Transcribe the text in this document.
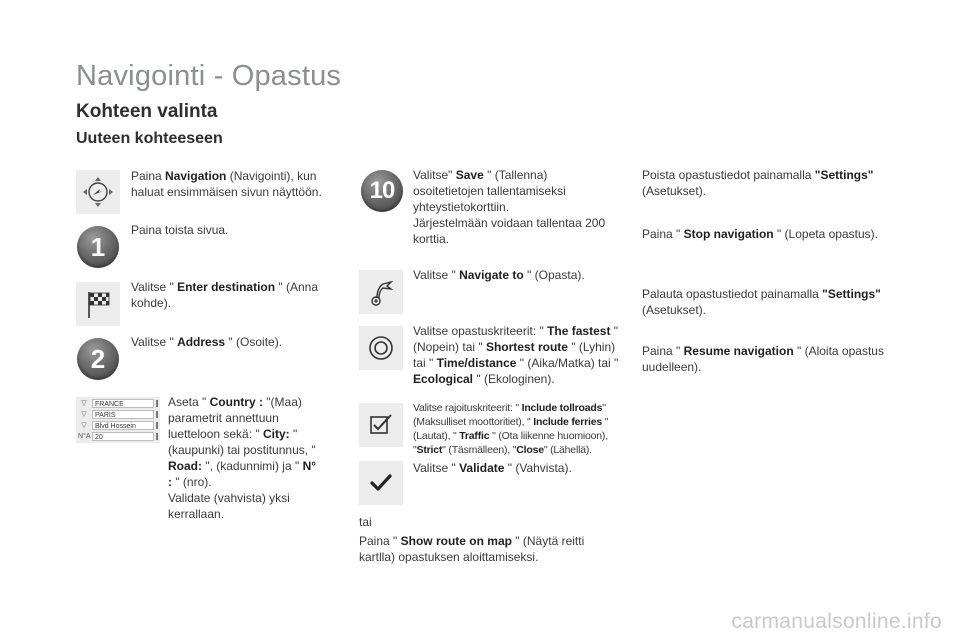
Navigointi - Opastus
Kohteen valinta
Uuteen kohteeseen
Paina Navigation (Navigointi), kun haluat ensimmäisen sivun näyttöön.
1
Paina toista sivua.
Valitse " Enter destination " (Anna kohde).
2
Valitse " Address " (Osoite).
▽	FRANCE
▽	PARIS
▽	Blvd Hossein
N°A 20
Aseta " Country : "(Maa) parametrit annettuun luetteloon sekä: " City: " (kaupunki) tai postitunnus, " Road: ", (kadunnimi) ja " N° : " (nro).
Validate (vahvista) yksi kerrallaan.
10
Valitse" Save " (Tallenna) osoitetietojen tallentamiseksi yhteystietokorttiin.
Järjestelmään voidaan tallentaa 200 korttia.
Valitse " Navigate to " (Opasta).
Valitse opastuskriteerit: " The fastest " (Nopein) tai " Shortest route " (Lyhin) tai " Time/distance " (Aika/Matka) tai " Ecological " (Ekologinen).
Valitse rajoituskriteerit: " Include tollroads" (Maksulliset moottoritiet), " Include ferries " (Lautat), " Traffic " (Ota liikenne huomioon), "Strict" (Täsmälleen), "Close" (Lähellä).
Valitse " Validate " (Vahvista).
tai
Paina " Show route on map " (Näytä reitti kartlla) opastuksen aloittamiseksi.
Poista opastustiedot painamalla "Settings" (Asetukset).
Paina " Stop navigation " (Lopeta opastus).
Palauta opastustiedot painamalla "Settings" (Asetukset).
Paina " Resume navigation " (Aloita opastus uudelleen).
carmanualsonline.info
